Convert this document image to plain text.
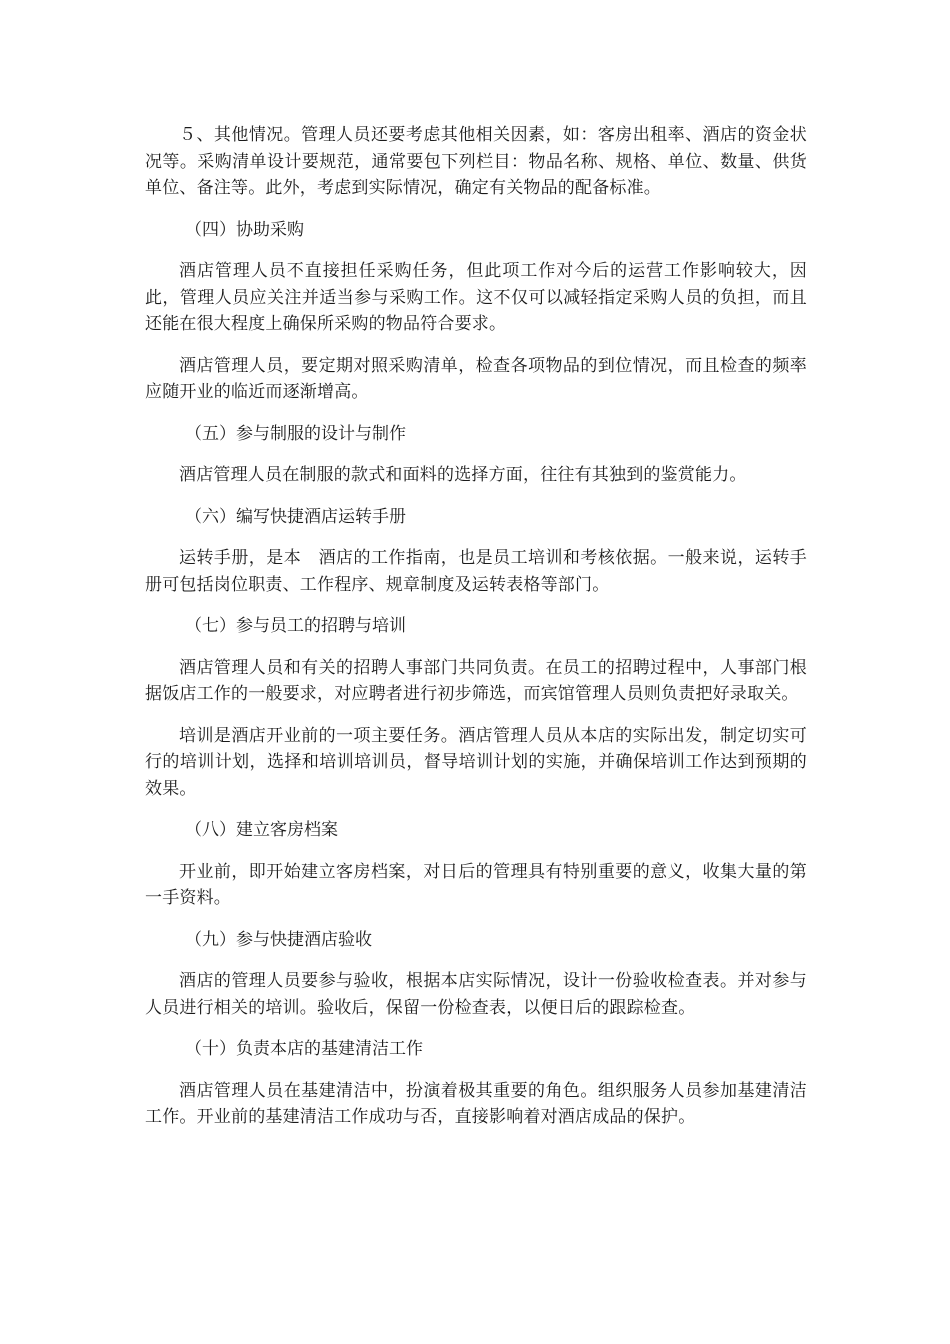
５、其他情况。管理人员还要考虑其他相关因素，如：客房出租率、酒店的资金状况等。采购清单设计要规范，通常要包下列栏目：物品名称、规格、单位、数量、供货单位、备注等。此外，考虑到实际情况，确定有关物品的配备标准。

（四）协助采购

酒店管理人员不直接担任采购任务，但此项工作对今后的运营工作影响较大，因此，管理人员应关注并适当参与采购工作。这不仅可以减轻指定采购人员的负担，而且还能在很大程度上确保所采购的物品符合要求。

酒店管理人员，要定期对照采购清单，检查各项物品的到位情况，而且检查的频率应随开业的临近而逐渐增高。

（五）参与制服的设计与制作

酒店管理人员在制服的款式和面料的选择方面，往往有其独到的鉴赏能力。

（六）编写快捷酒店运转手册

运转手册，是本　酒店的工作指南，也是员工培训和考核依据。一般来说，运转手册可包括岗位职责、工作程序、规章制度及运转表格等部门。

（七）参与员工的招聘与培训

酒店管理人员和有关的招聘人事部门共同负责。在员工的招聘过程中，人事部门根据饭店工作的一般要求，对应聘者进行初步筛选，而宾馆管理人员则负责把好录取关。

培训是酒店开业前的一项主要任务。酒店管理人员从本店的实际出发，制定切实可行的培训计划，选择和培训培训员，督导培训计划的实施，并确保培训工作达到预期的效果。

（八）建立客房档案

开业前，即开始建立客房档案，对日后的管理具有特别重要的意义，收集大量的第一手资料。

（九）参与快捷酒店验收

酒店的管理人员要参与验收，根据本店实际情况，设计一份验收检查表。并对参与人员进行相关的培训。验收后，保留一份检查表，以便日后的跟踪检查。

（十）负责本店的基建清洁工作

酒店管理人员在基建清洁中，扮演着极其重要的角色。组织服务人员参加基建清洁工作。开业前的基建清洁工作成功与否，直接影响着对酒店成品的保护。
